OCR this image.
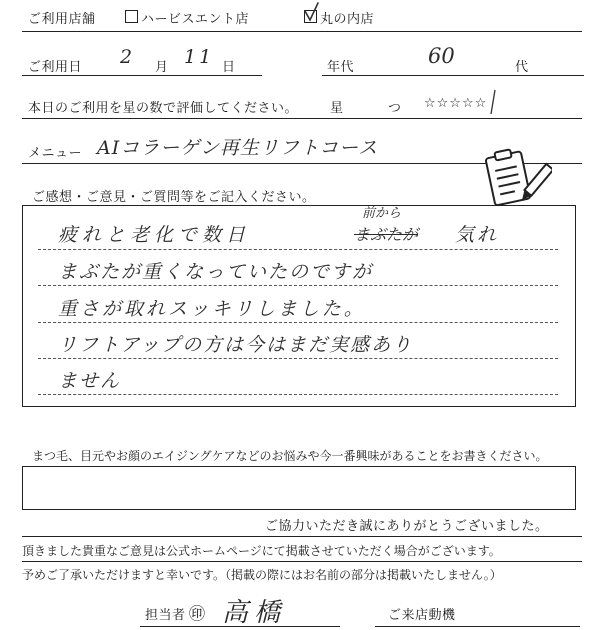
ご利用店舗	ハービスエント店	丸の内店
ご利用日 2 月 11 日	年代	60	代
本日のご利用を星の数で評価してください。 星	つ ☆☆☆☆☆
メニュー AIコラーゲン再生リフトコース
ご感想・ご意見・ご質問等をご記入ください。
前から
疲れと老化で数日	まぶたが 気れ
まぶたが重くなっていたのですが
重さが取れスッキリしました。
リフトアップの方は今はまだ実感あり
ません
まつ毛、目元やお顔のエイジングケアなどのお悩みや今一番興味があることをお書きください。
ご協力いただき誠にありがとうございました。
頂きました貴重なご意見は公式ホームページにて掲載させていただく場合がございます。
予めご了承いただけますと幸いです。（掲載の際にはお名前の部分は掲載いたしません。）
担当者 ㊞ 高橋	ご来店動機
